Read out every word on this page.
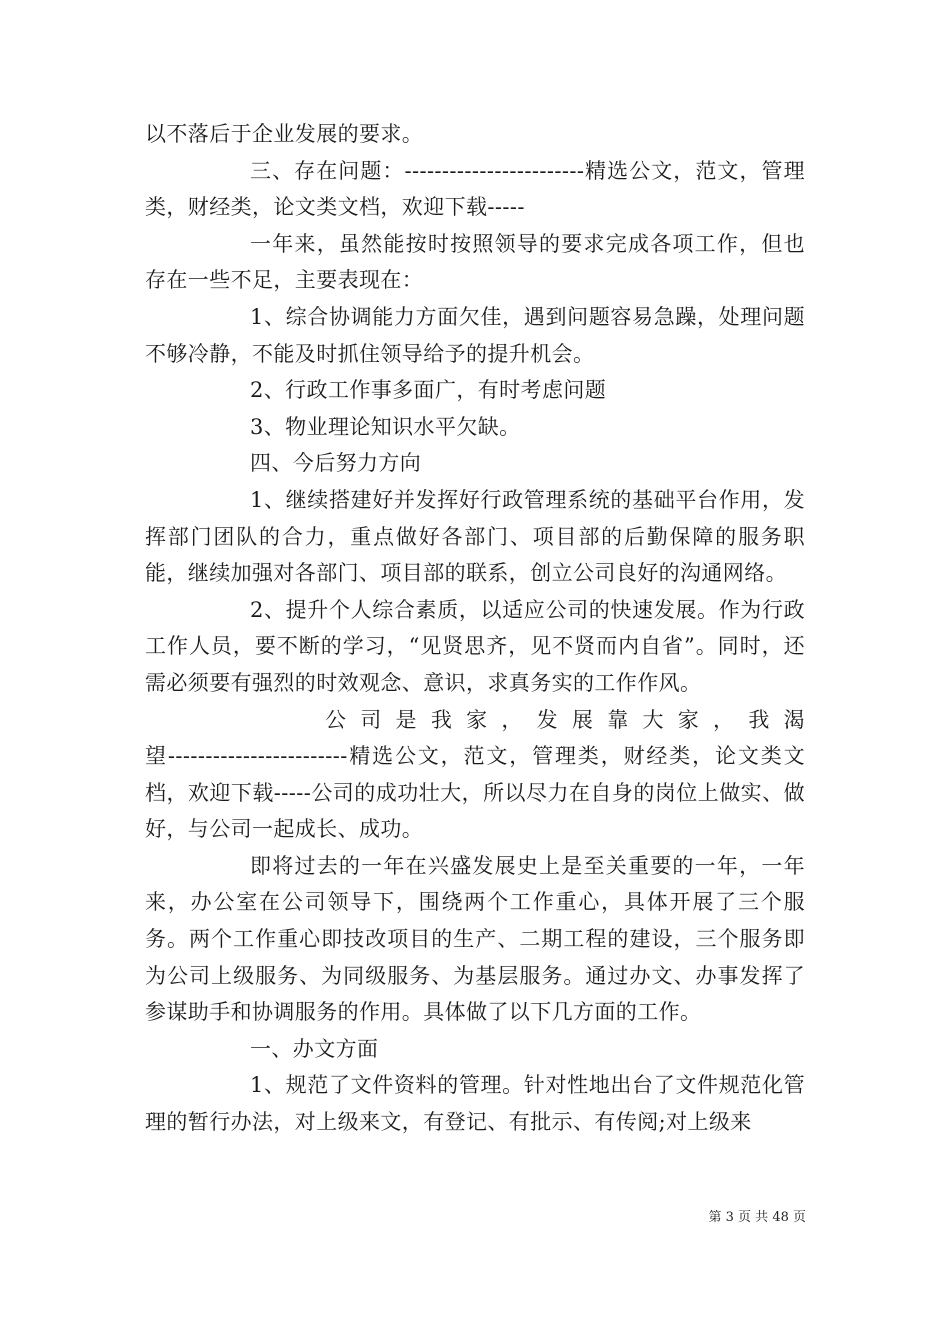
以不落后于企业发展的要求。

三、存在问题：------------------------精选公文，范文，管理类，财经类，论文类文档，欢迎下载-----

一年来，虽然能按时按照领导的要求完成各项工作，但也存在一些不足，主要表现在：

1、综合协调能力方面欠佳，遇到问题容易急躁，处理问题不够冷静，不能及时抓住领导给予的提升机会。

2、行政工作事多面广，有时考虑问题

3、物业理论知识水平欠缺。

四、今后努力方向

1、继续搭建好并发挥好行政管理系统的基础平台作用，发挥部门团队的合力，重点做好各部门、项目部的后勤保障的服务职能，继续加强对各部门、项目部的联系，创立公司良好的沟通网络。

2、提升个人综合素质，以适应公司的快速发展。作为行政工作人员，要不断的学习，“见贤思齐，见不贤而内自省”。同时，还需必须要有强烈的时效观念、意识，求真务实的工作作风。

公司是我家，发展靠大家，我渴

望------------------------精选公文，范文，管理类，财经类，论文类文档，欢迎下载-----公司的成功壮大，所以尽力在自身的岗位上做实、做好，与公司一起成长、成功。

即将过去的一年在兴盛发展史上是至关重要的一年，一年来，办公室在公司领导下，围绕两个工作重心，具体开展了三个服务。两个工作重心即技改项目的生产、二期工程的建设，三个服务即为公司上级服务、为同级服务、为基层服务。通过办文、办事发挥了参谋助手和协调服务的作用。具体做了以下几方面的工作。

一、办文方面

1、规范了文件资料的管理。针对性地出台了文件规范化管理的暂行办法，对上级来文，有登记、有批示、有传阅;对上级来

第 3 页 共 48 页
